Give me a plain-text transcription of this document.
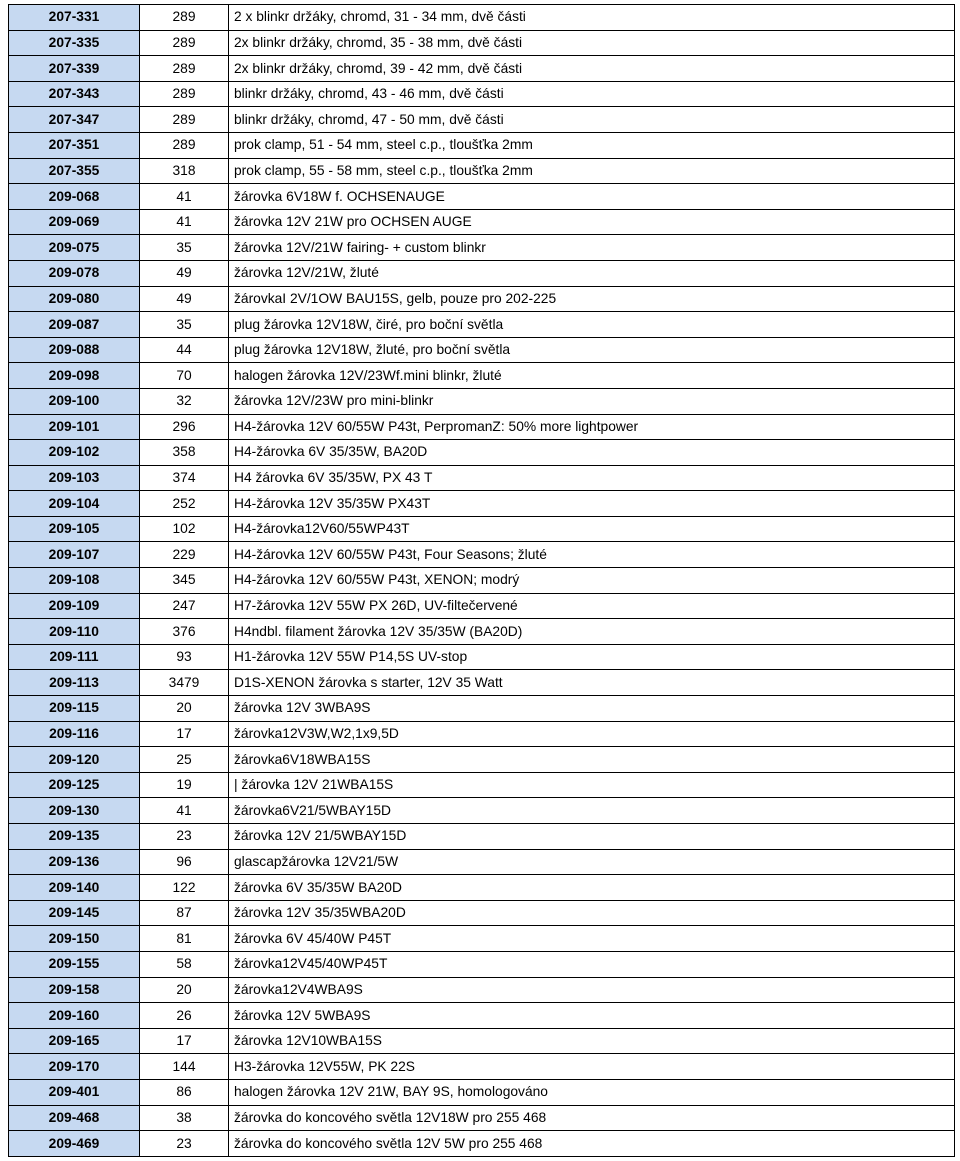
207-331	289	2 x blinkr držáky, chromd, 31 - 34 mm, dvě části
207-335	289	2x blinkr držáky, chromd, 35 - 38 mm, dvě části
207-339	289	2x blinkr držáky, chromd, 39 - 42 mm, dvě části
207-343	289	blinkr držáky, chromd, 43 - 46 mm, dvě části
207-347	289	blinkr držáky, chromd, 47 - 50 mm, dvě části
207-351	289	prok clamp, 51 - 54 mm, steel c.p., tloušťka 2mm
207-355	318	prok clamp, 55 - 58 mm, steel c.p., tloušťka 2mm
209-068	41	žárovka 6V18W f. OCHSENAUGE
209-069	41	žárovka 12V 21W pro OCHSEN AUGE
209-075	35	žárovka 12V/21W fairing- + custom blinkr
209-078	49	žárovka 12V/21W, žluté
209-080	49	žárovkaI 2V/1OW BAU15S, gelb, pouze pro 202-225
209-087	35	plug žárovka 12V18W, čiré, pro boční světla
209-088	44	plug žárovka 12V18W, žluté, pro boční světla
209-098	70	halogen žárovka 12V/23Wf.mini blinkr, žluté
209-100	32	žárovka 12V/23W pro mini-blinkr
209-101	296	H4-žárovka 12V 60/55W P43t, PerpromanZ: 50% more lightpower
209-102	358	H4-žárovka 6V 35/35W, BA20D
209-103	374	H4 žárovka 6V 35/35W, PX 43 T
209-104	252	H4-žárovka 12V 35/35W PX43T
209-105	102	H4-žárovka12V60/55WP43T
209-107	229	H4-žárovka 12V 60/55W P43t, Four Seasons; žluté
209-108	345	H4-žárovka 12V 60/55W P43t, XENON; modrý
209-109	247	H7-žárovka 12V 55W PX 26D, UV-filtečervené
209-110	376	H4ndbl. filament žárovka 12V 35/35W (BA20D)
209-111	93	H1-žárovka 12V 55W P14,5S UV-stop
209-113	3479	D1S-XENON žárovka s starter, 12V 35 Watt
209-115	20	žárovka 12V 3WBA9S
209-116	17	žárovka12V3W,W2,1x9,5D
209-120	25	žárovka6V18WBA15S
209-125	19	| žárovka 12V 21WBA15S
209-130	41	žárovka6V21/5WBAY15D
209-135	23	žárovka 12V 21/5WBAY15D
209-136	96	glascapžárovka 12V21/5W
209-140	122	žárovka 6V 35/35W BA20D
209-145	87	žárovka 12V 35/35WBA20D
209-150	81	žárovka 6V 45/40W P45T
209-155	58	žárovka12V45/40WP45T
209-158	20	žárovka12V4WBA9S
209-160	26	žárovka 12V 5WBA9S
209-165	17	žárovka 12V10WBA15S
209-170	144	H3-žárovka 12V55W, PK 22S
209-401	86	halogen žárovka 12V 21W, BAY 9S, homologováno
209-468	38	žárovka do koncového světla 12V18W pro 255 468
209-469	23	žárovka do koncového světla 12V 5W pro 255 468
